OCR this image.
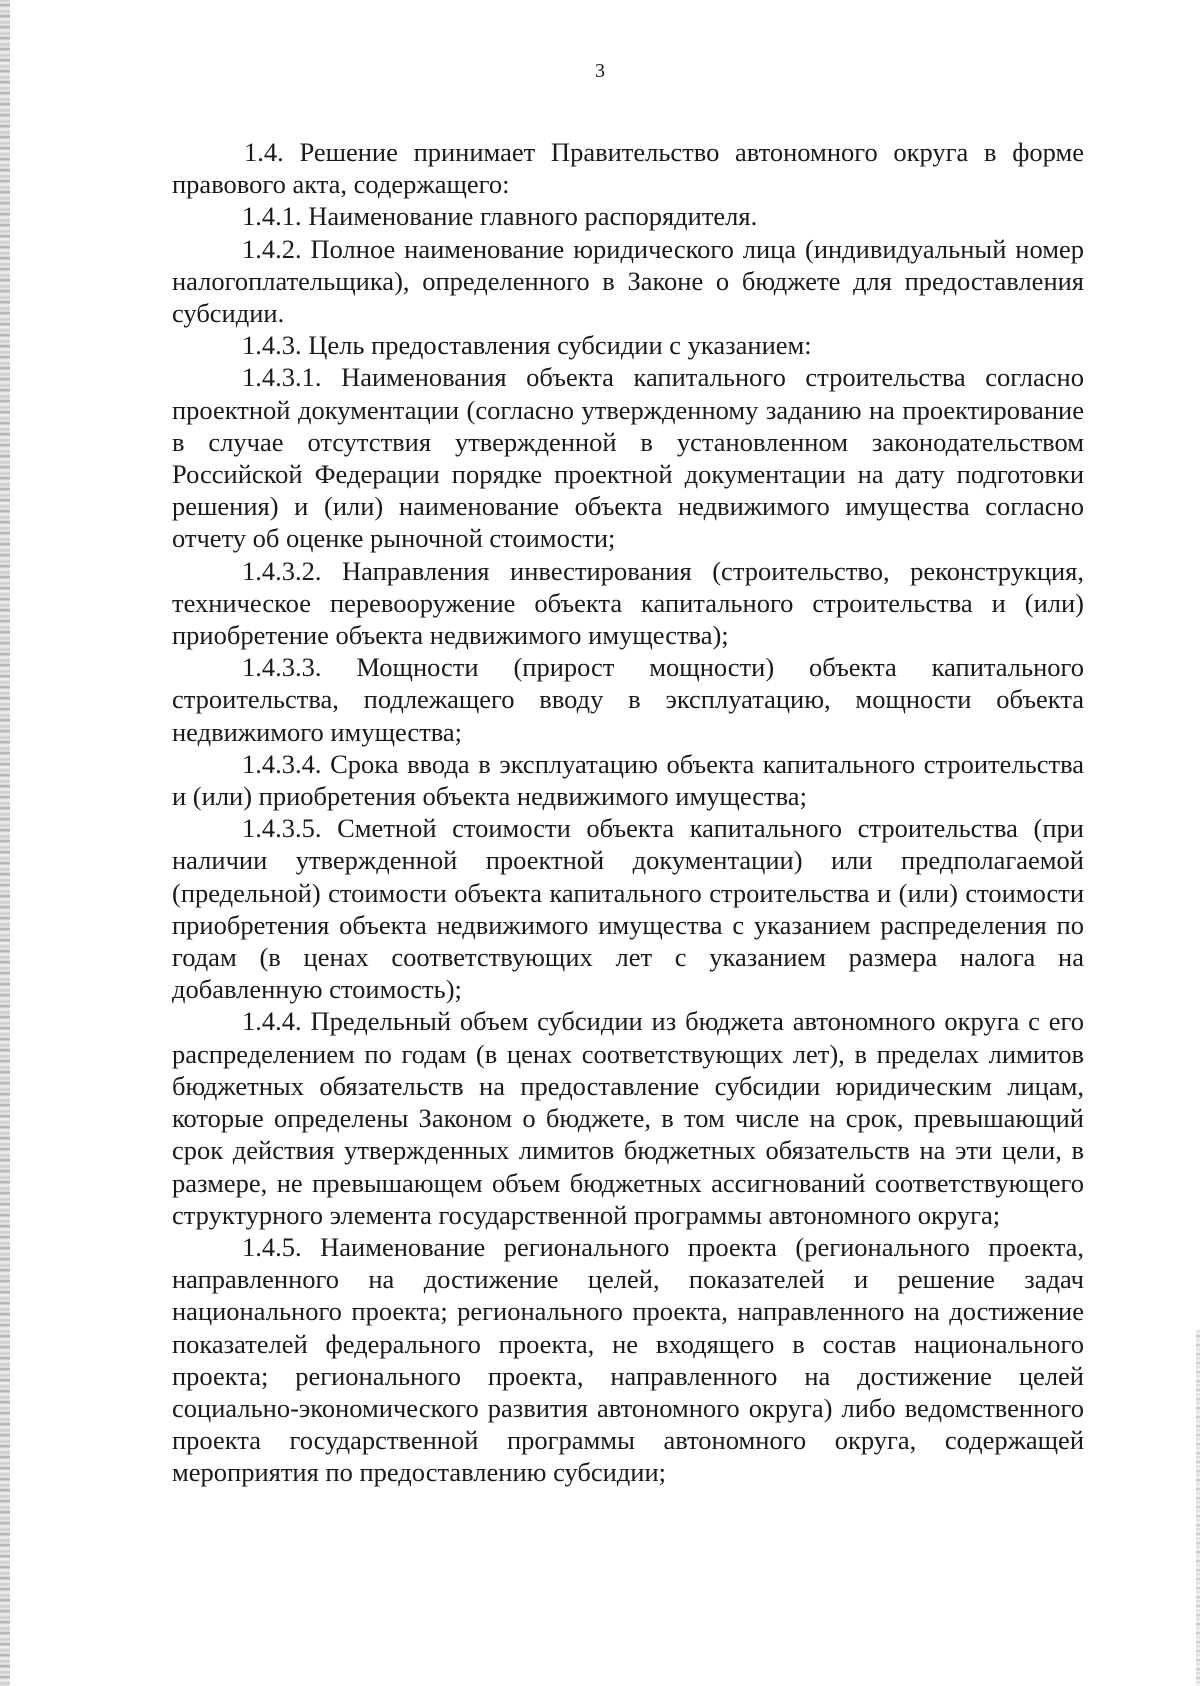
3

1.4. Решение принимает Правительство автономного округа в форме правового акта, содержащего:

1.4.1. Наименование главного распорядителя.

1.4.2. Полное наименование юридического лица (индивидуальный номер налогоплательщика), определенного в Законе о бюджете для предоставления субсидии.

1.4.3. Цель предоставления субсидии с указанием:

1.4.3.1. Наименования объекта капитального строительства согласно проектной документации (согласно утвержденному заданию на проектирование в случае отсутствия утвержденной в установленном законодательством Российской Федерации порядке проектной документации на дату подготовки решения) и (или) наименование объекта недвижимого имущества согласно отчету об оценке рыночной стоимости;

1.4.3.2. Направления инвестирования (строительство, реконструкция, техническое перевооружение объекта капитального строительства и (или) приобретение объекта недвижимого имущества);

1.4.3.3. Мощности (прирост мощности) объекта капитального строительства, подлежащего вводу в эксплуатацию, мощности объекта недвижимого имущества;

1.4.3.4. Срока ввода в эксплуатацию объекта капитального строительства и (или) приобретения объекта недвижимого имущества;

1.4.3.5. Сметной стоимости объекта капитального строительства (при наличии утвержденной проектной документации) или предполагаемой (предельной) стоимости объекта капитального строительства и (или) стоимости приобретения объекта недвижимого имущества с указанием распределения по годам (в ценах соответствующих лет с указанием размера налога на добавленную стоимость);

1.4.4. Предельный объем субсидии из бюджета автономного округа с его распределением по годам (в ценах соответствующих лет), в пределах лимитов бюджетных обязательств на предоставление субсидии юридическим лицам, которые определены Законом о бюджете, в том числе на срок, превышающий срок действия утвержденных лимитов бюджетных обязательств на эти цели, в размере, не превышающем объем бюджетных ассигнований соответствующего структурного элемента государственной программы автономного округа;

1.4.5. Наименование регионального проекта (регионального проекта, направленного на достижение целей, показателей и решение задач национального проекта; регионального проекта, направленного на достижение показателей федерального проекта, не входящего в состав национального проекта; регионального проекта, направленного на достижение целей социально-экономического развития автономного округа) либо ведомственного проекта государственной программы автономного округа, содержащей мероприятия по предоставлению субсидии;
